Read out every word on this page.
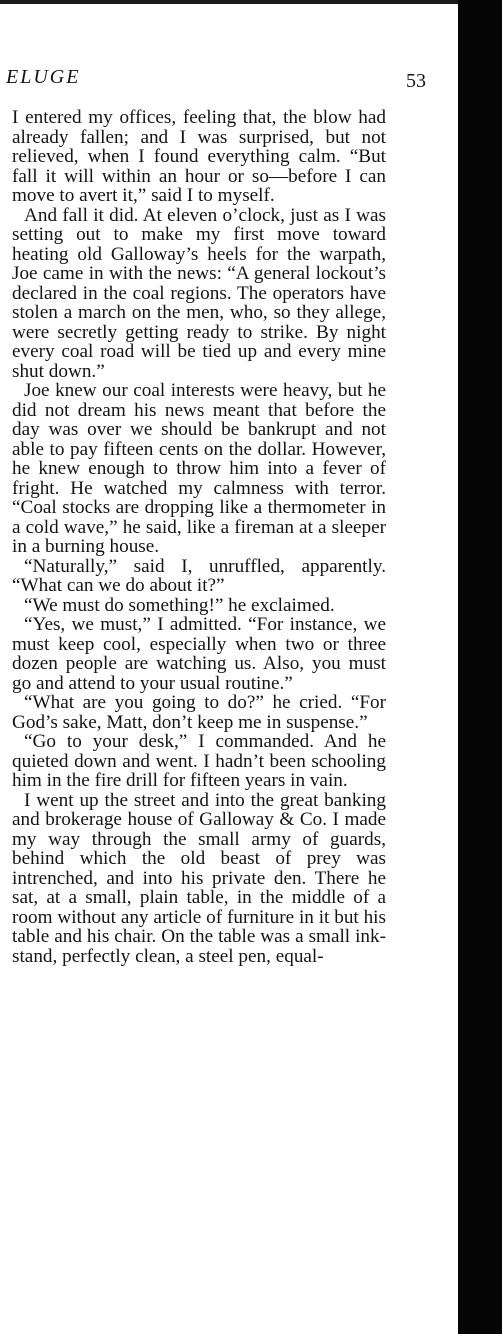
ELUGE	53

I entered my offices, feeling that, the blow had already fallen; and I was surprised, but not relieved, when I found everything calm. “But fall it will within an hour or so—before I can move to avert it,” said I to myself.

And fall it did. At eleven o’clock, just as I was setting out to make my first move toward heating old Galloway’s heels for the warpath, Joe came in with the news: “A general lockout’s declared in the coal regions. The operators have stolen a march on the men, who, so they allege, were secretly getting ready to strike. By night every coal road will be tied up and every mine shut down.”

Joe knew our coal interests were heavy, but he did not dream his news meant that before the day was over we should be bankrupt and not able to pay fifteen cents on the dollar. However, he knew enough to throw him into a fever of fright. He watched my calmness with terror. “Coal stocks are dropping like a thermometer in a cold wave,” he said, like a fireman at a sleeper in a burning house.

“Naturally,” said I, unruffled, apparently. “What can we do about it?”

“We must do something!” he exclaimed.

“Yes, we must,” I admitted. “For instance, we must keep cool, especially when two or three dozen people are watching us. Also, you must go and attend to your usual routine.”

“What are you going to do?” he cried. “For God’s sake, Matt, don’t keep me in suspense.”

“Go to your desk,” I commanded. And he quieted down and went. I hadn’t been schooling him in the fire drill for fifteen years in vain.

I went up the street and into the great banking and brokerage house of Galloway & Co. I made my way through the small army of guards, behind which the old beast of prey was intrenched, and into his private den. There he sat, at a small, plain table, in the middle of a room without any article of furniture in it but his table and his chair. On the table was a small inkstand, perfectly clean, a steel pen, equal-
